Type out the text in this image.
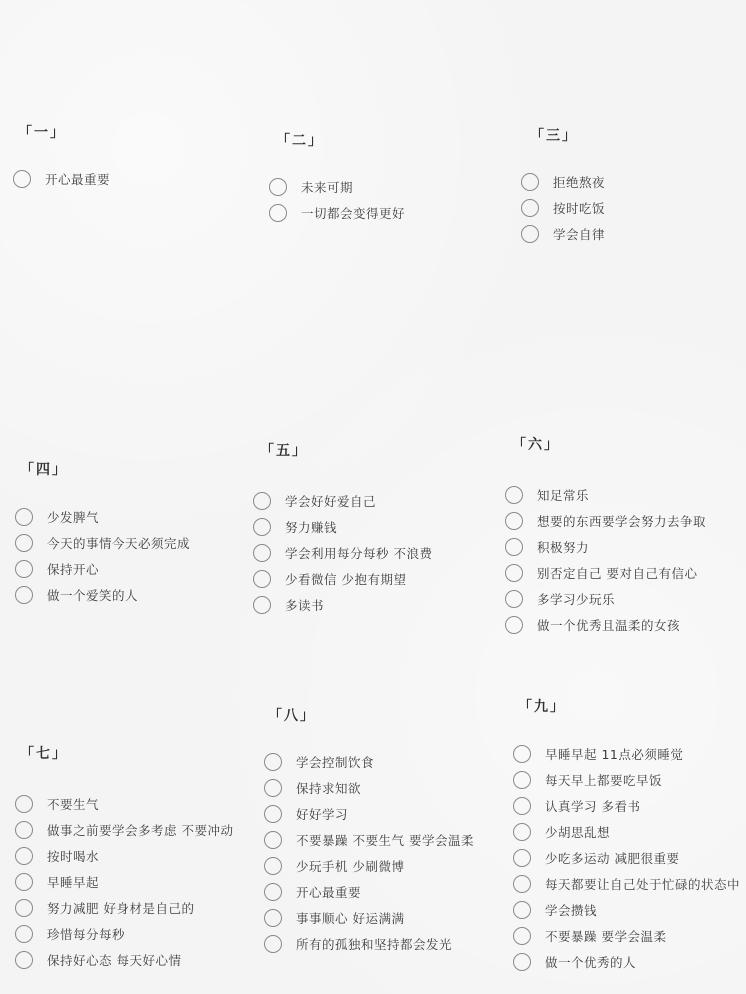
「一」
开心最重要
「二」
未来可期
一切都会变得更好
「三」
拒绝熬夜
按时吃饭
学会自律
「四」
少发脾气
今天的事情今天必须完成
保持开心
做一个爱笑的人
「五」
学会好好爱自己
努力赚钱
学会利用每分每秒 不浪费
少看微信 少抱有期望
多读书
「六」
知足常乐
想要的东西要学会努力去争取
积极努力
别否定自己 要对自己有信心
多学习少玩乐
做一个优秀且温柔的女孩
「七」
不要生气
做事之前要学会多考虑 不要冲动
按时喝水
早睡早起
努力减肥 好身材是自己的
珍惜每分每秒
保持好心态 每天好心情
「八」
学会控制饮食
保持求知欲
好好学习
不要暴躁 不要生气 要学会温柔
少玩手机 少刷微博
开心最重要
事事顺心 好运满满
所有的孤独和坚持都会发光
「九」
早睡早起 11点必须睡觉
每天早上都要吃早饭
认真学习 多看书
少胡思乱想
少吃多运动 减肥很重要
每天都要让自己处于忙碌的状态中
学会攒钱
不要暴躁 要学会温柔
做一个优秀的人
